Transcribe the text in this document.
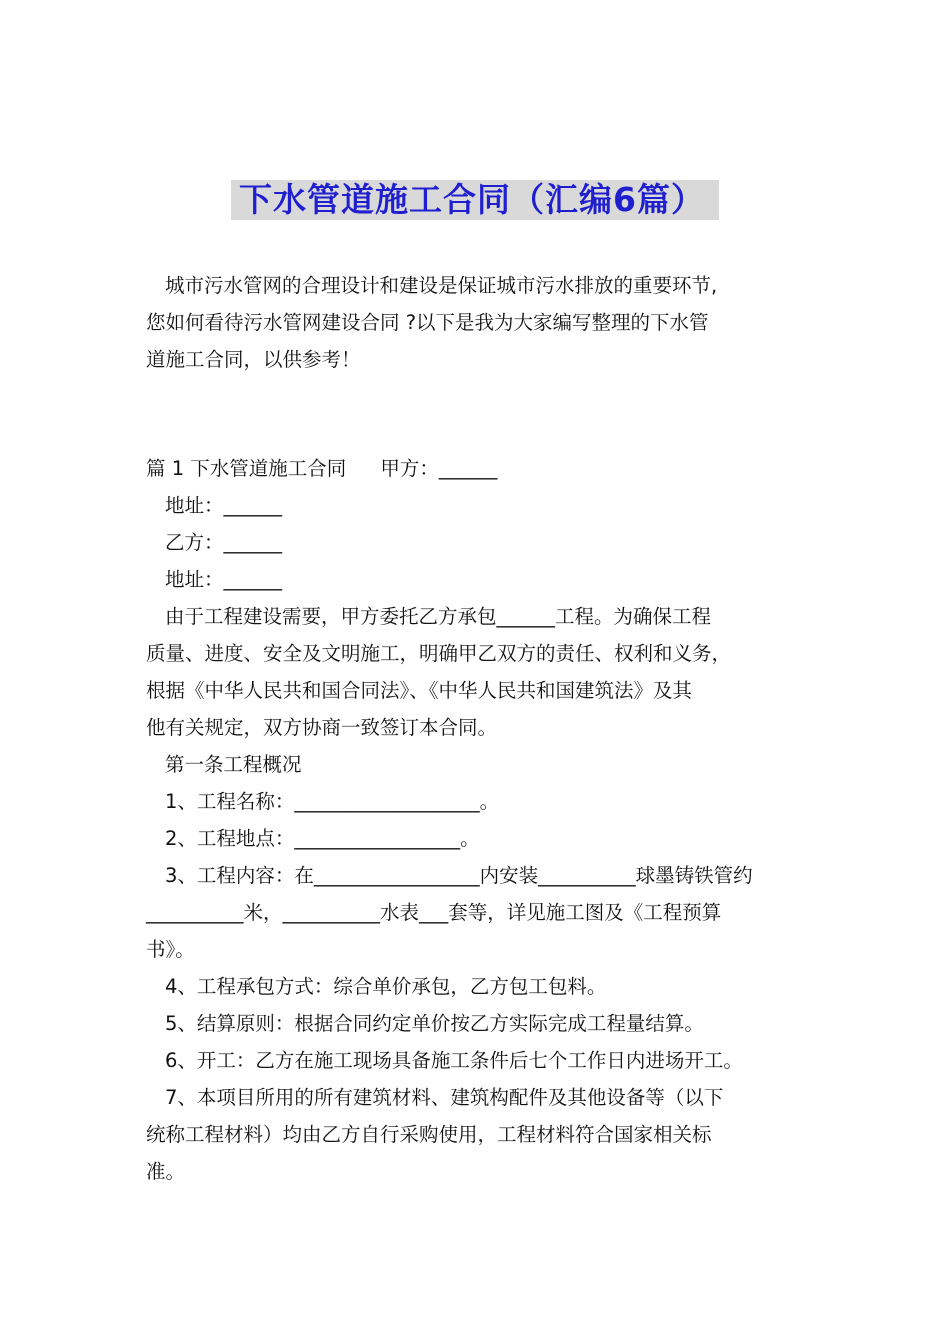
下水管道施工合同（汇编6篇）

城市污水管网的合理设计和建设是保证城市污水排放的重要环节,

您如何看待污水管网建设合同 ?以下是我为大家编写整理的下水管

道施工合同，以供参考！

篇 1 下水管道施工合同 甲方：______

地址：______

乙方：______

地址：______

由于工程建设需要，甲方委托乙方承包______工程。为确保工程

质量、进度、安全及文明施工，明确甲乙双方的责任、权利和义务，

根据《中华人民共和国合同法》、《中华人民共和国建筑法》及其

他有关规定，双方协商一致签订本合同。

第一条工程概况

1、工程名称：___________________。

2、工程地点：_________________。

3、工程内容：在_________________内安装__________球墨铸铁管约

__________米，__________水表___套等，详见施工图及《工程预算

书》。

4、工程承包方式：综合单价承包，乙方包工包料。

5、结算原则：根据合同约定单价按乙方实际完成工程量结算。

6、开工：乙方在施工现场具备施工条件后七个工作日内进场开工。

7、本项目所用的所有建筑材料、建筑构配件及其他设备等（以下

统称工程材料）均由乙方自行采购使用，工程材料符合国家相关标

准。
